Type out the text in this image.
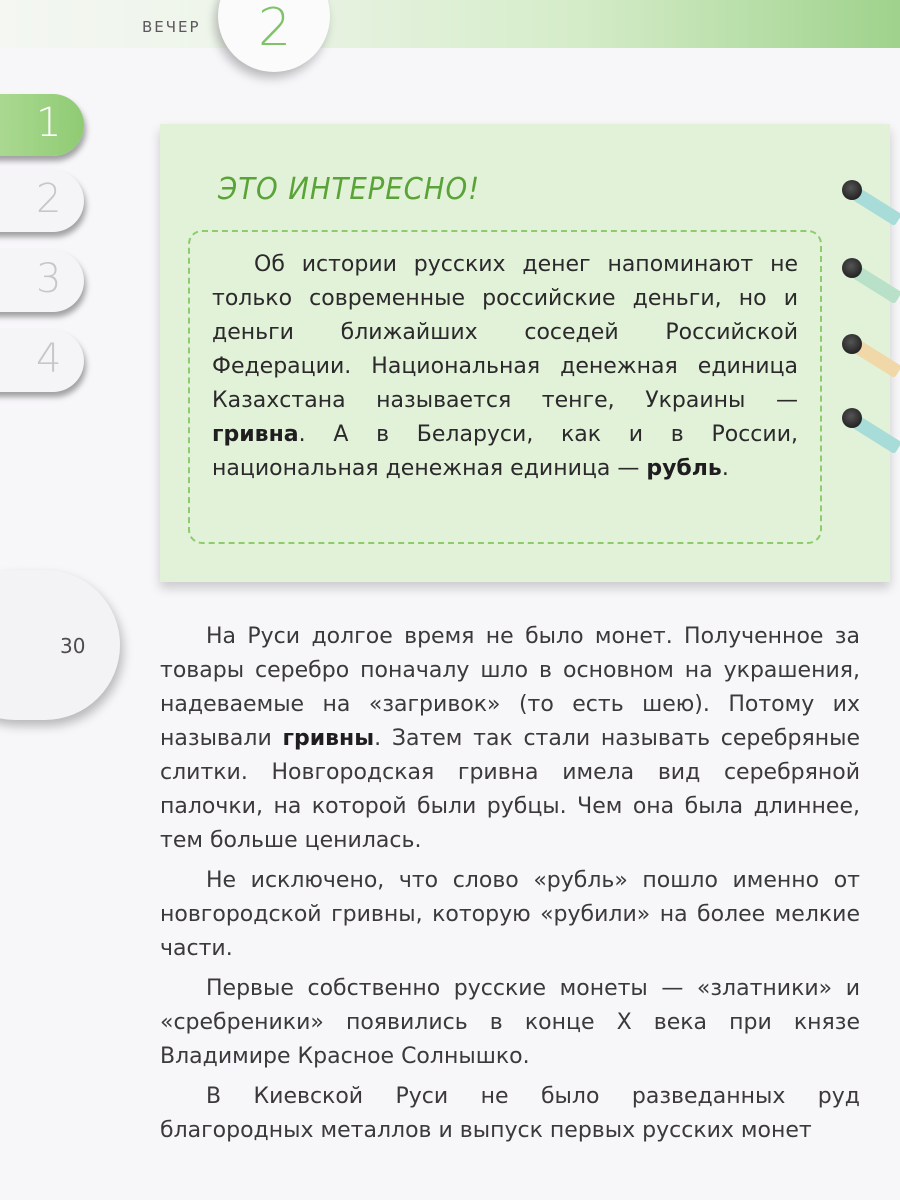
ВЕЧЕР 2
1
2
3
4
ЭТО ИНТЕРЕСНО!
Об истории русских денег напоминают не только современные российские деньги, но и деньги ближайших соседей Российской Федерации. Национальная денежная единица Казахстана называется тенге, Украины — гривна. А в Беларуси, как и в России, национальная денежная единица — рубль.
30	На Руси долгое время не было монет. Полученное за товары серебро поначалу шло в основном на украшения, надеваемые на «загривок» (то есть шею). Потому их называли гривны. Затем так стали называть серебряные слитки. Новгородская гривна имела вид серебряной палочки, на которой были рубцы. Чем она была длиннее, тем больше ценилась.

Не исключено, что слово «рубль» пошло именно от новгородской гривны, которую «рубили» на более мелкие части.

Первые собственно русские монеты — «златники» и «сребреники» появились в конце Х века при князе Владимире Красное Солнышко.

В Киевской Руси не было разведанных руд благородных металлов и выпуск первых русских монет
